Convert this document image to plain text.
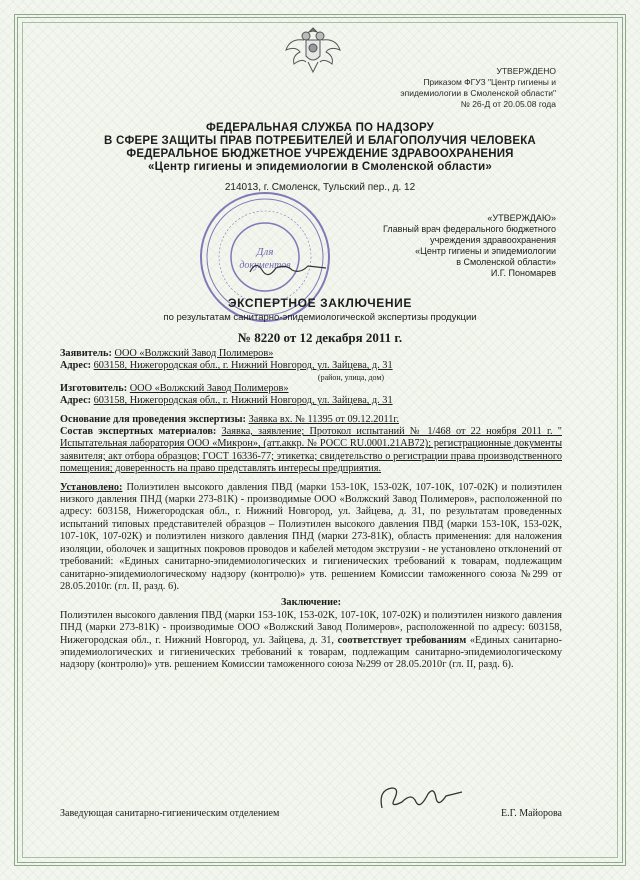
УТВЕРЖДЕНО
Приказом ФГУЗ "Центр гигиены и
эпидемиологии в Смоленской области"
№ 26-Д от 20.05.08 года
ФЕДЕРАЛЬНАЯ СЛУЖБА ПО НАДЗОРУ
В СФЕРЕ ЗАЩИТЫ ПРАВ ПОТРЕБИТЕЛЕЙ И БЛАГОПОЛУЧИЯ ЧЕЛОВЕКА
ФЕДЕРАЛЬНОЕ БЮДЖЕТНОЕ УЧРЕЖДЕНИЕ ЗДРАВООХРАНЕНИЯ
«Центр гигиены и эпидемиологии в Смоленской области»
214013, г. Смоленск, Тульский пер., д. 12
Для
документов
«УТВЕРЖДАЮ»
Главный врач федерального бюджетного
учреждения здравоохранения
«Центр гигиены и эпидемиологии
в Смоленской области»
И.Г. Пономарев
ЭКСПЕРТНОЕ ЗАКЛЮЧЕНИЕ
по результатам санитарно-эпидемиологической экспертизы продукции
№ 8220 от 12 декабря 2011 г.
Заявитель: ООО «Волжский Завод Полимеров»
Адрес: 603158, Нижегородская обл., г. Нижний Новгород, ул. Зайцева, д. 31
(район, улица, дом)
Изготовитель: ООО «Волжский Завод Полимеров»
Адрес: 603158, Нижегородская обл., г. Нижний Новгород, ул. Зайцева, д. 31
Основание для проведения экспертизы: Заявка вх. № 11395 от 09.12.2011г.
Состав экспертных материалов: Заявка, заявление; Протокол испытаний № 1/468 от 22 ноября 2011 г. " Испытательная лаборатория ООО «Микрон», (атт.аккр. № РОСС RU.0001.21АВ72); регистрационные документы заявителя; акт отбора образцов; ГОСТ 16336-77; этикетка; свидетельство о регистрации права производственного помещения; доверенность на право представлять интересы предприятия.
Установлено: Полиэтилен высокого давления ПВД (марки 153-10К, 153-02К, 107-10К, 107-02К) и полиэтилен низкого давления ПНД (марки 273-81К) - производимые ООО «Волжский Завод Полимеров», расположенной по адресу: 603158, Нижегородская обл., г. Нижний Новгород, ул. Зайцева, д. 31, по результатам проведенных испытаний типовых представителей образцов – Полиэтилен высокого давления ПВД (марки 153-10К, 153-02К, 107-10К, 107-02К) и полиэтилен низкого давления ПНД (марки 273-81К), область применения: для наложения изоляции, оболочек и защитных покровов проводов и кабелей методом экструзии - не установлено отклонений от требований: «Единых санитарно-эпидемиологических и гигиенических требований к товарам, подлежащим санитарно-эпидемиологическому надзору (контролю)» утв. решением Комиссии таможенного союза №299 от 28.05.2010г. (гл. II, разд. 6).
Заключение:
Полиэтилен высокого давления ПВД (марки 153-10К, 153-02К, 107-10К, 107-02К) и полиэтилен низкого давления ПНД (марки 273-81К) - производимые ООО «Волжский Завод Полимеров», расположенной по адресу: 603158, Нижегородская обл., г. Нижний Новгород, ул. Зайцева, д. 31, соответствует требованиям «Единых санитарно-эпидемиологических и гигиенических требований к товарам, подлежащим санитарно-эпидемиологическому надзору (контролю)» утв. решением Комиссии таможенного союза №299 от 28.05.2010г (гл. II, разд. 6).
Заведующая санитарно-гигиеническим отделением	Е.Г. Майорова
